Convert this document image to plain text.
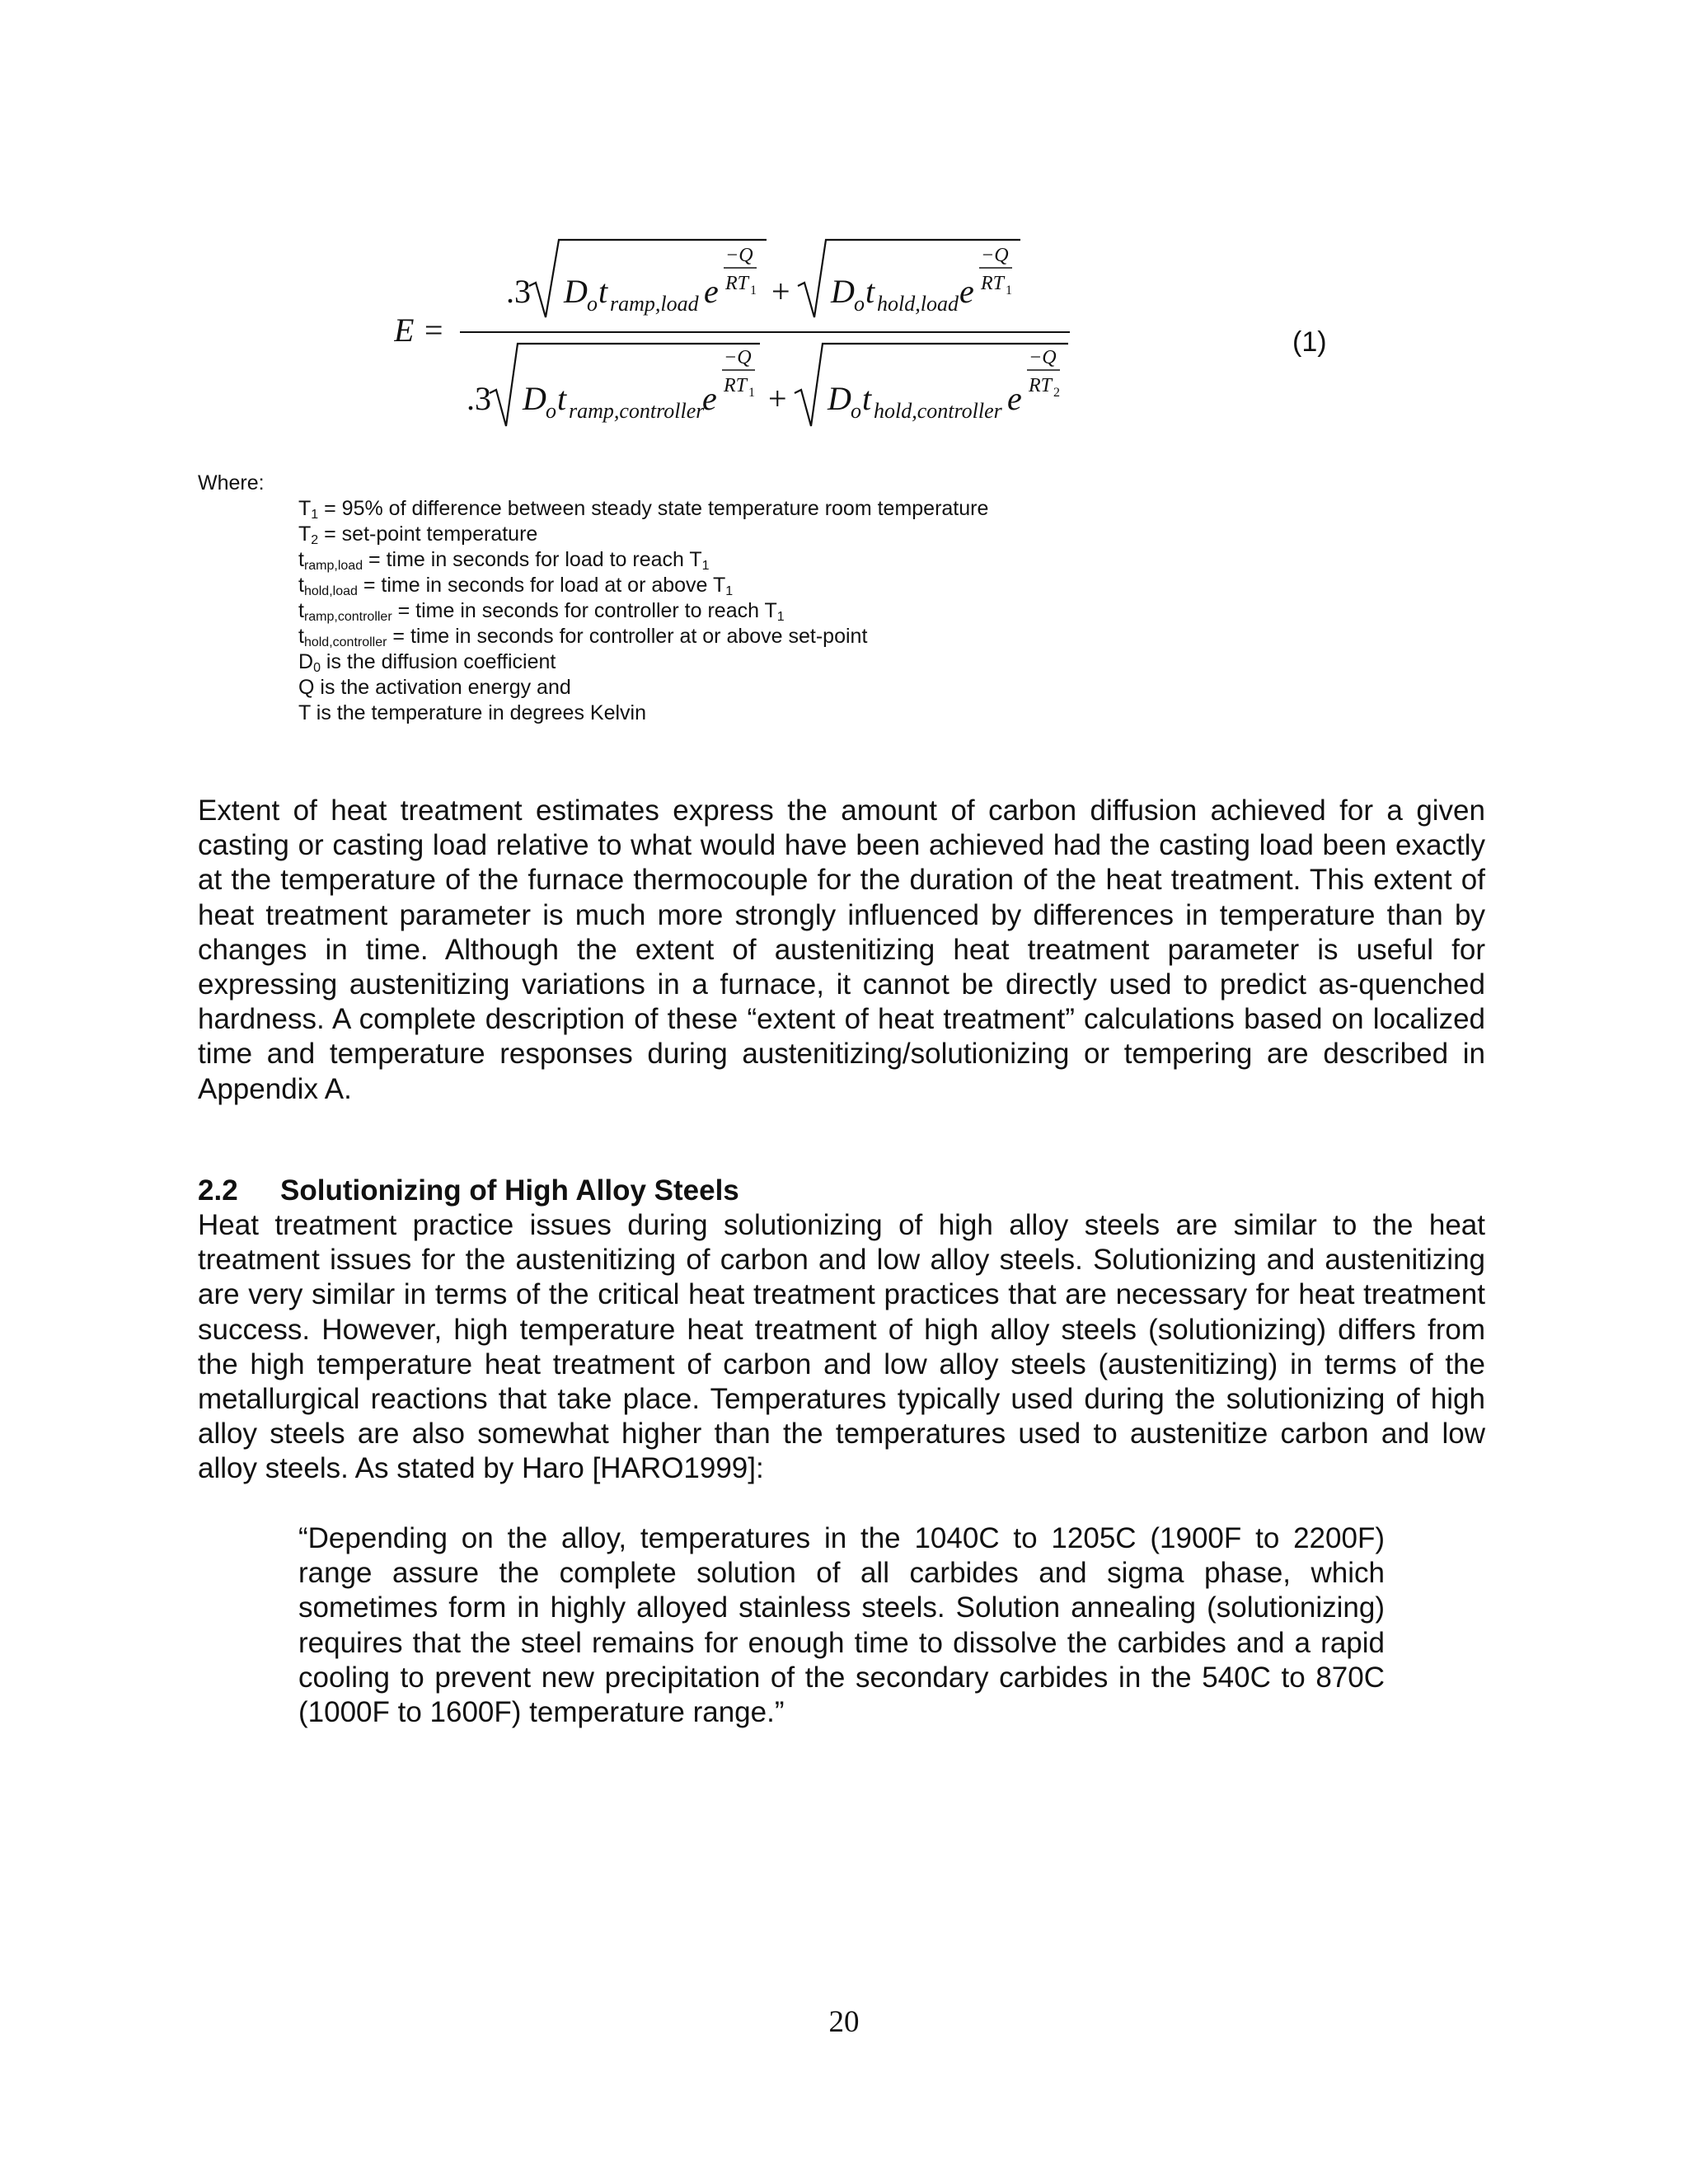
E =
.3 D o t ramp,load e
−Q
RT 1 + D o t hold,load e
−Q
RT 1
.3 D o t ramp,controller
e
−Q
RT 1 + D o t hold,controller e
−Q
RT 2
(1)
Where:
$T_1 = 95\%$ of difference between steady state temperature room temperature
$T_2$ = set-point temperature
$t_{ramp,load}$ = time in seconds for load to reach $T_1$
$t_{hold,load}$ = time in seconds for load at or above $T_1$
$t_{ramp,controller}$ = time in seconds for controller to reach $T_1$
$t_{hold,controller}$ = time in seconds for controller at or above set-point
$D_0$ is the diffusion coefficient
Q is the activation energy and
T is the temperature in degrees Kelvin
Extent of heat treatment estimates express the amount of carbon diffusion achieved for a given casting or casting load relative to what would have been achieved had the casting load been exactly at the temperature of the furnace thermocouple for the duration of the heat treatment. This extent of heat treatment parameter is much more strongly influenced by differences in temperature than by changes in time. Although the extent of austenitizing heat treatment parameter is useful for expressing austenitizing variations in a furnace, it cannot be directly used to predict as-quenched hardness. A complete description of these “extent of heat treatment” calculations based on localized time and temperature responses during austenitizing/solutionizing or tempering are described in Appendix A.
2.2 Solutionizing of High Alloy Steels
Heat treatment practice issues during solutionizing of high alloy steels are similar to the heat treatment issues for the austenitizing of carbon and low alloy steels. Solutionizing and austenitizing are very similar in terms of the critical heat treatment practices that are necessary for heat treatment success. However, high temperature heat treatment of high alloy steels (solutionizing) differs from the high temperature heat treatment of carbon and low alloy steels (austenitizing) in terms of the metallurgical reactions that take place. Temperatures typically used during the solutionizing of high alloy steels are also somewhat higher than the temperatures used to austenitize carbon and low alloy steels. As stated by Haro [HARO1999]:
“Depending on the alloy, temperatures in the 1040C to 1205C (1900F to 2200F) range assure the complete solution of all carbides and sigma phase, which sometimes form in highly alloyed stainless steels. Solution annealing (solutionizing) requires that the steel remains for enough time to dissolve the carbides and a rapid cooling to prevent new precipitation of the secondary carbides in the 540C to 870C (1000F to 1600F) temperature range.”
20
